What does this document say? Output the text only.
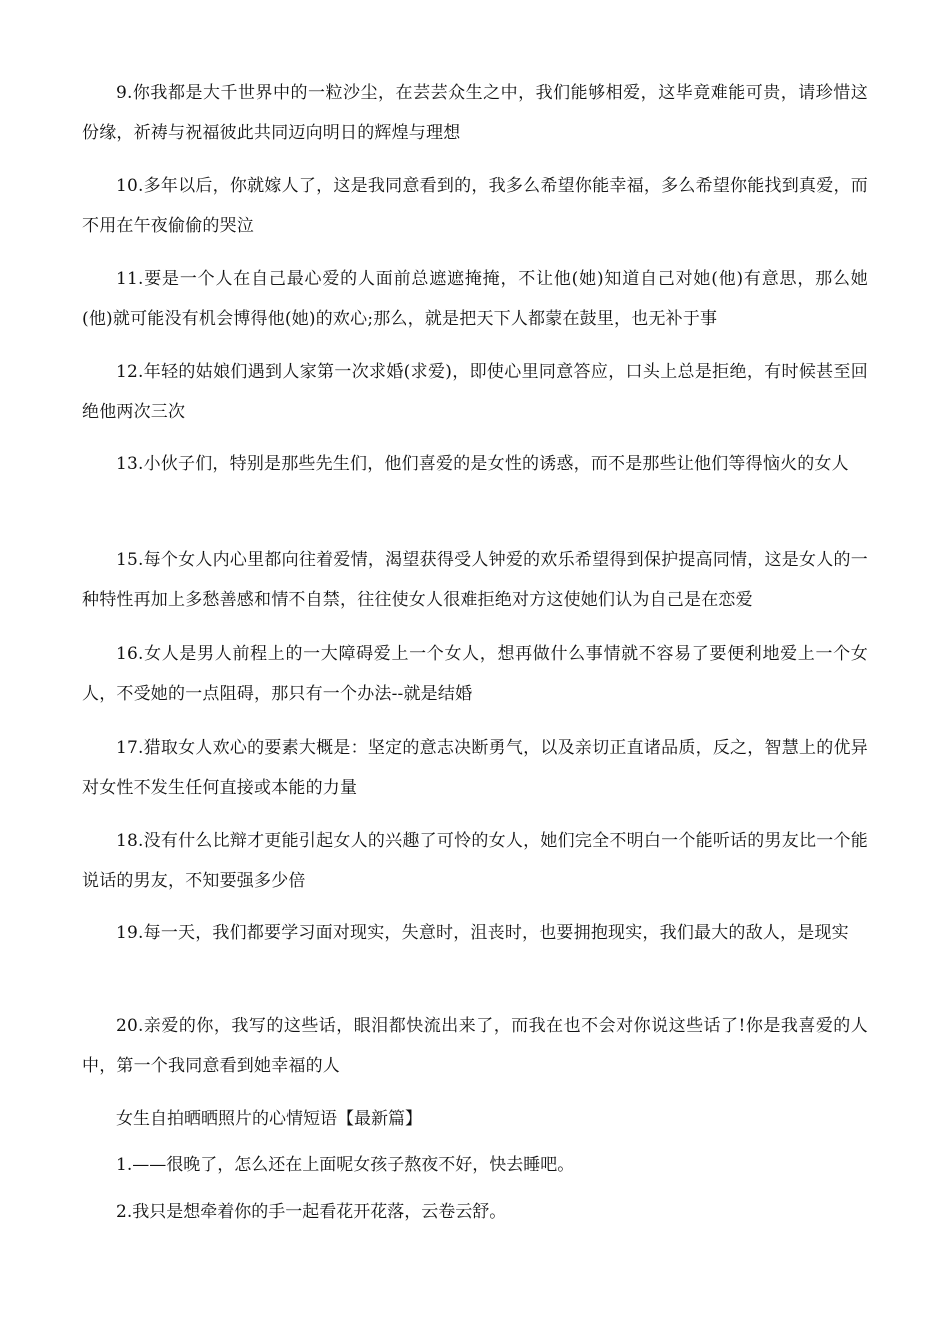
9.你我都是大千世界中的一粒沙尘，在芸芸众生之中，我们能够相爱，这毕竟难能可贵，请珍惜这份缘，祈祷与祝福彼此共同迈向明日的辉煌与理想

10.多年以后，你就嫁人了，这是我同意看到的，我多么希望你能幸福，多么希望你能找到真爱，而不用在午夜偷偷的哭泣

11.要是一个人在自己最心爱的人面前总遮遮掩掩，不让他(她)知道自己对她(他)有意思，那么她(他)就可能没有机会博得他(她)的欢心;那么，就是把天下人都蒙在鼓里，也无补于事

12.年轻的姑娘们遇到人家第一次求婚(求爱)，即使心里同意答应，口头上总是拒绝，有时候甚至回绝他两次三次

13.小伙子们，特别是那些先生们，他们喜爱的是女性的诱惑，而不是那些让他们等得恼火的女人

15.每个女人内心里都向往着爱情，渴望获得受人钟爱的欢乐希望得到保护提高同情，这是女人的一种特性再加上多愁善感和情不自禁，往往使女人很难拒绝对方这使她们认为自己是在恋爱

16.女人是男人前程上的一大障碍爱上一个女人，想再做什么事情就不容易了要便利地爱上一个女人，不受她的一点阻碍，那只有一个办法--就是结婚

17.猎取女人欢心的要素大概是：坚定的意志决断勇气，以及亲切正直诸品质，反之，智慧上的优异对女性不发生任何直接或本能的力量

18.没有什么比辩才更能引起女人的兴趣了可怜的女人，她们完全不明白一个能听话的男友比一个能说话的男友，不知要强多少倍

19.每一天，我们都要学习面对现实，失意时，沮丧时，也要拥抱现实，我们最大的敌人，是现实

20.亲爱的你，我写的这些话，眼泪都快流出来了，而我在也不会对你说这些话了!你是我喜爱的人中，第一个我同意看到她幸福的人

女生自拍晒晒照片的心情短语【最新篇】

1.——很晚了，怎么还在上面呢女孩子熬夜不好，快去睡吧。

2.我只是想牵着你的手一起看花开花落，云卷云舒。
